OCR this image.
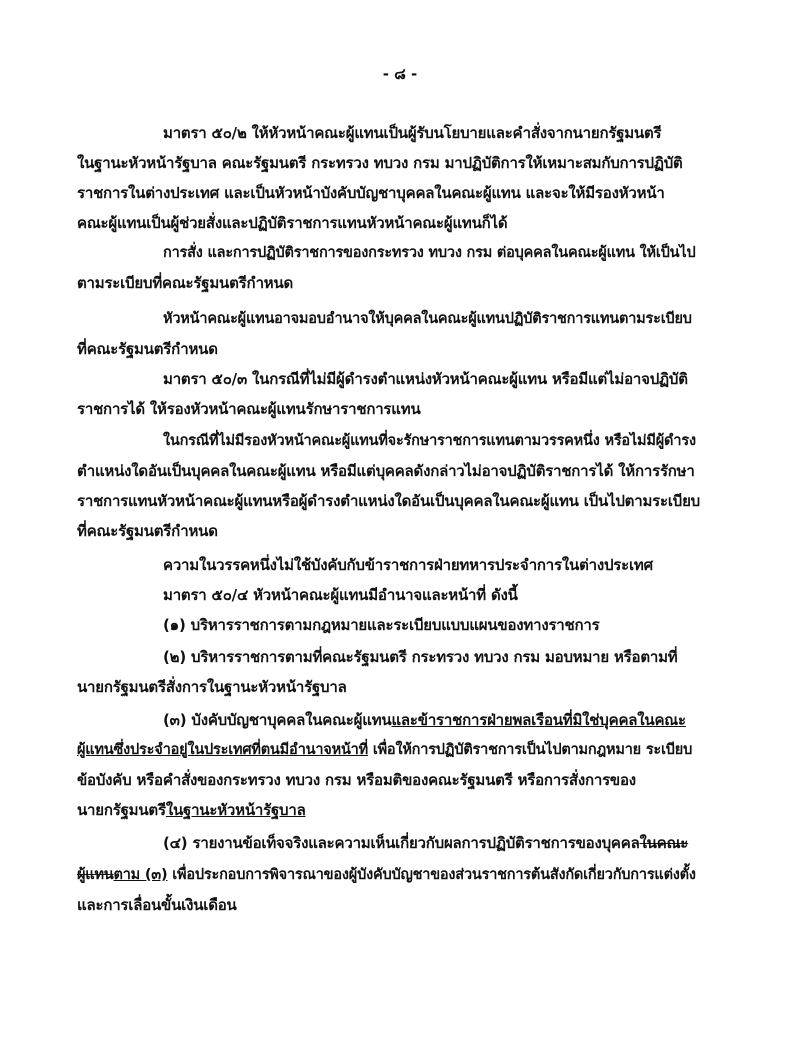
- ๘ -
มาตรา ๕๐/๒ ให้หัวหน้าคณะผู้แทนเป็นผู้รับนโยบายและคำสั่งจากนายกรัฐมนตรี
ในฐานะหัวหน้ารัฐบาล คณะรัฐมนตรี กระทรวง ทบวง กรม มาปฏิบัติการให้เหมาะสมกับการปฏิบัติ
ราชการในต่างประเทศ และเป็นหัวหน้าบังคับบัญชาบุคคลในคณะผู้แทน และจะให้มีรองหัวหน้า
คณะผู้แทนเป็นผู้ช่วยสั่งและปฏิบัติราชการแทนหัวหน้าคณะผู้แทนก็ได้
การสั่ง และการปฏิบัติราชการของกระทรวง ทบวง กรม ต่อบุคคลในคณะผู้แทน ให้เป็นไป
ตามระเบียบที่คณะรัฐมนตรีกำหนด
หัวหน้าคณะผู้แทนอาจมอบอำนาจให้บุคคลในคณะผู้แทนปฏิบัติราชการแทนตามระเบียบ
ที่คณะรัฐมนตรีกำหนด
มาตรา ๕๐/๓ ในกรณีที่ไม่มีผู้ดำรงตำแหน่งหัวหน้าคณะผู้แทน หรือมีแต่ไม่อาจปฏิบัติ
ราชการได้ ให้รองหัวหน้าคณะผู้แทนรักษาราชการแทน
ในกรณีที่ไม่มีรองหัวหน้าคณะผู้แทนที่จะรักษาราชการแทนตามวรรคหนึ่ง หรือไม่มีผู้ดำรง
ตำแหน่งใดอันเป็นบุคคลในคณะผู้แทน หรือมีแต่บุคคลดังกล่าวไม่อาจปฏิบัติราชการได้ ให้การรักษา
ราชการแทนหัวหน้าคณะผู้แทนหรือผู้ดำรงตำแหน่งใดอันเป็นบุคคลในคณะผู้แทน เป็นไปตามระเบียบ
ที่คณะรัฐมนตรีกำหนด
ความในวรรคหนึ่งไม่ใช้บังคับกับข้าราชการฝ่ายทหารประจำการในต่างประเทศ
มาตรา ๕๐/๔ หัวหน้าคณะผู้แทนมีอำนาจและหน้าที่ ดังนี้
(๑) บริหารราชการตามกฎหมายและระเบียบแบบแผนของทางราชการ
(๒) บริหารราชการตามที่คณะรัฐมนตรี กระทรวง ทบวง กรม มอบหมาย หรือตามที่
นายกรัฐมนตรีสั่งการในฐานะหัวหน้ารัฐบาล
(๓) บังคับบัญชาบุคคลในคณะผู้แทนและข้าราชการฝ่ายพลเรือนที่มิใช่บุคคลในคณะ
ผู้แทนซึ่งประจำอยู่ในประเทศที่ตนมีอำนาจหน้าที่ เพื่อให้การปฏิบัติราชการเป็นไปตามกฎหมาย ระเบียบ
ข้อบังคับ หรือคำสั่งของกระทรวง ทบวง กรม หรือมติของคณะรัฐมนตรี หรือการสั่งการของ
นายกรัฐมนตรีในฐานะหัวหน้ารัฐบาล
(๔) รายงานข้อเท็จจริงและความเห็นเกี่ยวกับผลการปฏิบัติราชการของบุคคลในคณะ
ผู้แทนตาม (๓) เพื่อประกอบการพิจารณาของผู้บังคับบัญชาของส่วนราชการต้นสังกัดเกี่ยวกับการแต่งตั้ง
และการเลื่อนขั้นเงินเดือน
